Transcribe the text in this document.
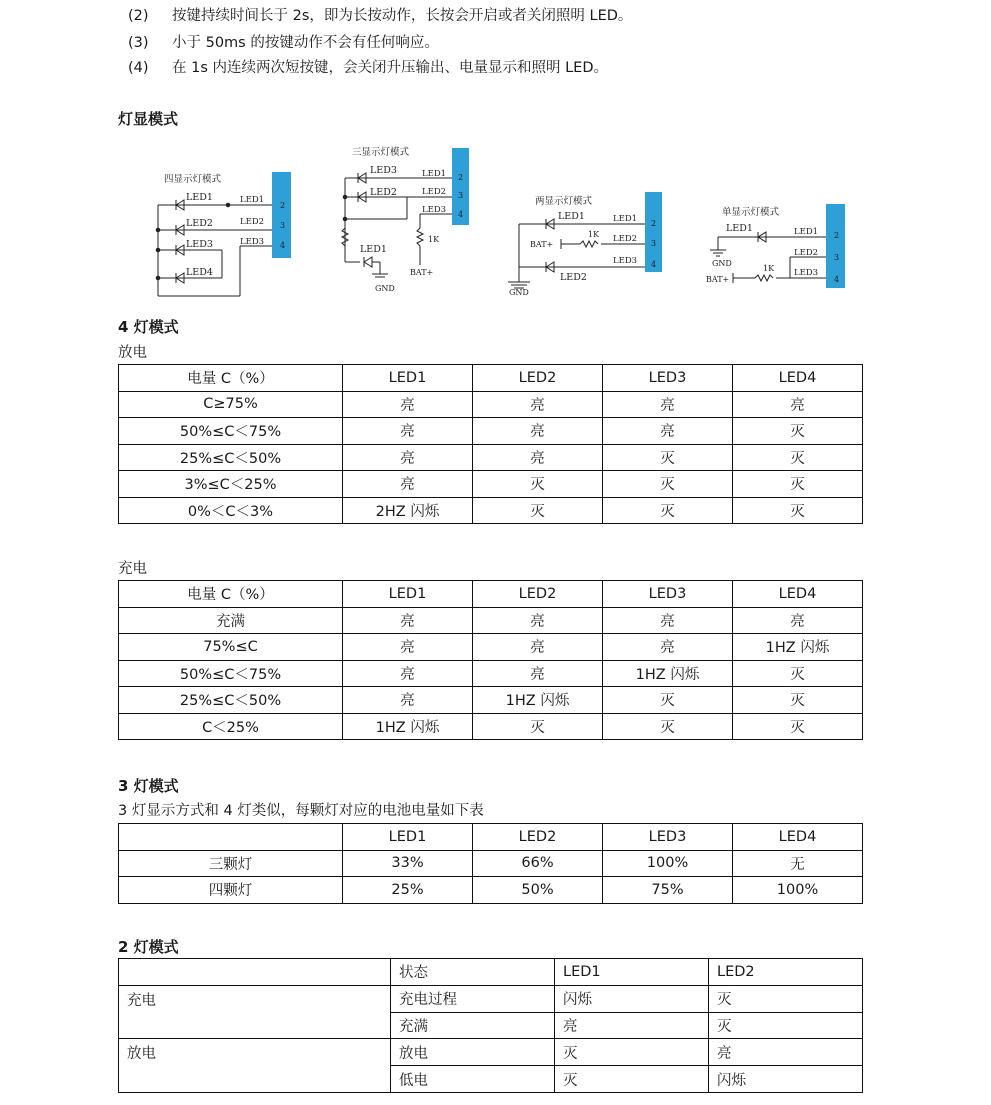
(2) 按键持续时间长于 2s，即为长按动作，长按会开启或者关闭照明 LED。
(3) 小于 50ms 的按键动作不会有任何响应。
(4) 在 1s 内连续两次短按键，会关闭升压输出、电量显示和照明 LED。
灯显模式
四显示灯模式
LED1
LED2
LED3
LED4
LED1
LED2
LED3
2
3
4
三显示灯模式
LED3
LED2
LED1
LED1
LED2
LED3
2
3
4
1K
GND
BAT+
两显示灯模式
LED1
LED2
LED1
LED2
LED3
2
3
4
1K
GND
BAT+
单显示灯模式
LED1	LED1
LED2
LED3
2
3
4
1K
GND
BAT+
4 灯模式
放电
电量 C（%）	LED1	LED2	LED3	LED4
C≥75%	亮	亮	亮	亮
50%≤C＜75%	亮	亮	亮	灭
25%≤C＜50%	亮	亮	灭	灭
3%≤C＜25%	亮	灭	灭	灭
0%＜C＜3%	2HZ 闪烁	灭	灭	灭
充电
电量 C（%）	LED1	LED2	LED3	LED4
充满	亮	亮	亮	亮
75%≤C	亮	亮	亮	1HZ 闪烁
50%≤C＜75%	亮	亮	1HZ 闪烁	灭
25%≤C＜50%	亮	1HZ 闪烁	灭	灭
C＜25%	1HZ 闪烁	灭	灭	灭
3 灯模式
3 灯显示方式和 4 灯类似，每颗灯对应的电池电量如下表
	LED1	LED2	LED3	LED4
三颗灯	33%	66%	100%	无
四颗灯	25%	50%	75%	100%
2 灯模式
	状态	LED1	LED2
充电	充电过程	闪烁	灭
	充满	亮	灭
放电	放电	灭	亮
	低电	灭	闪烁
